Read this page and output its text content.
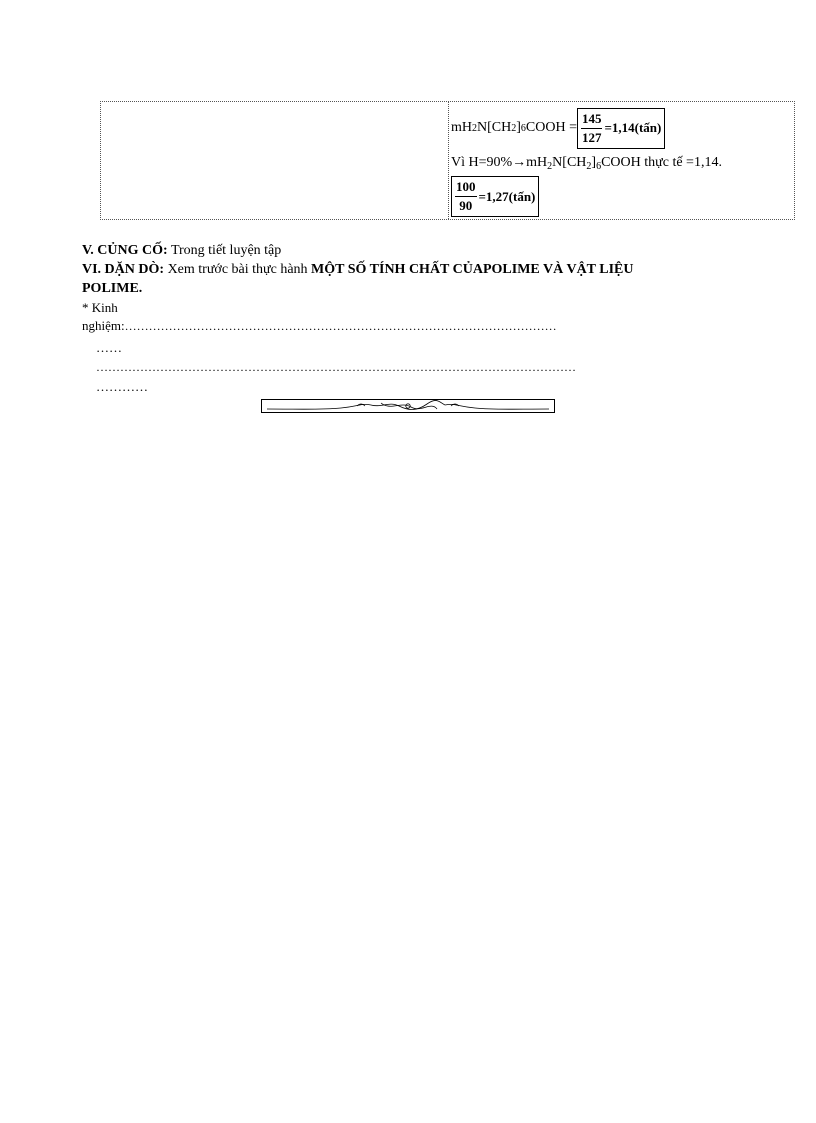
mH 2 N[CH 2 ] 6 COOH = $\frac{145}{127}$ =1,14(tấn)
Vì $H=90\%\to mH_2N[CH_2]_6COOH$ thực tế =1,14.
$\frac{100}{90}$ =1,27(tấn)
V. CỦNG CỐ: Trong tiết luyện tập
VI. DẶN DÒ: Xem trước bài thực hành MỘT SỐ TÍNH CHẤT CỦAPOLIME VÀ VẬT LIỆU
POLIME.
* Kinh
nghiệm:………………………………………………………………………………………………
……
…………………………………………………………………………………………………………
…………
